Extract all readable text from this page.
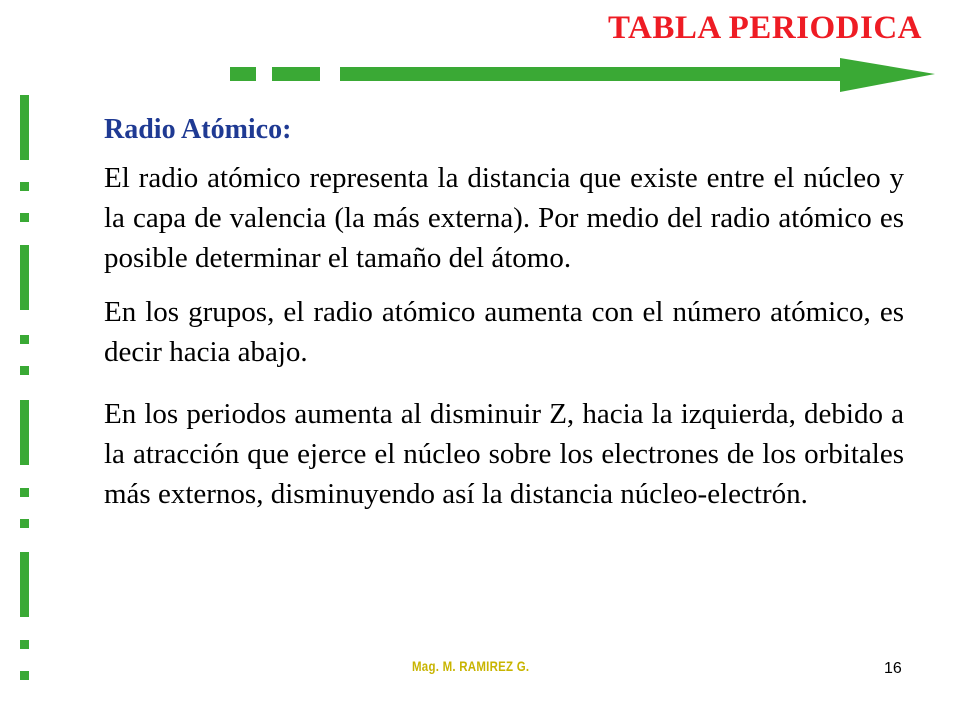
TABLA PERIODICA
Radio Atómico:

El radio atómico representa la distancia que existe entre el núcleo y la capa de valencia (la más externa). Por medio del radio atómico es posible determinar el tamaño del átomo.

En los grupos, el radio atómico aumenta con el número atómico, es decir hacia abajo.

En los periodos aumenta al disminuir Z, hacia la izquierda, debido a la atracción que ejerce el núcleo sobre los electrones de los orbitales más externos, disminuyendo así la distancia núcleo-electrón.

Mag. M. RAMIREZ G.	16
